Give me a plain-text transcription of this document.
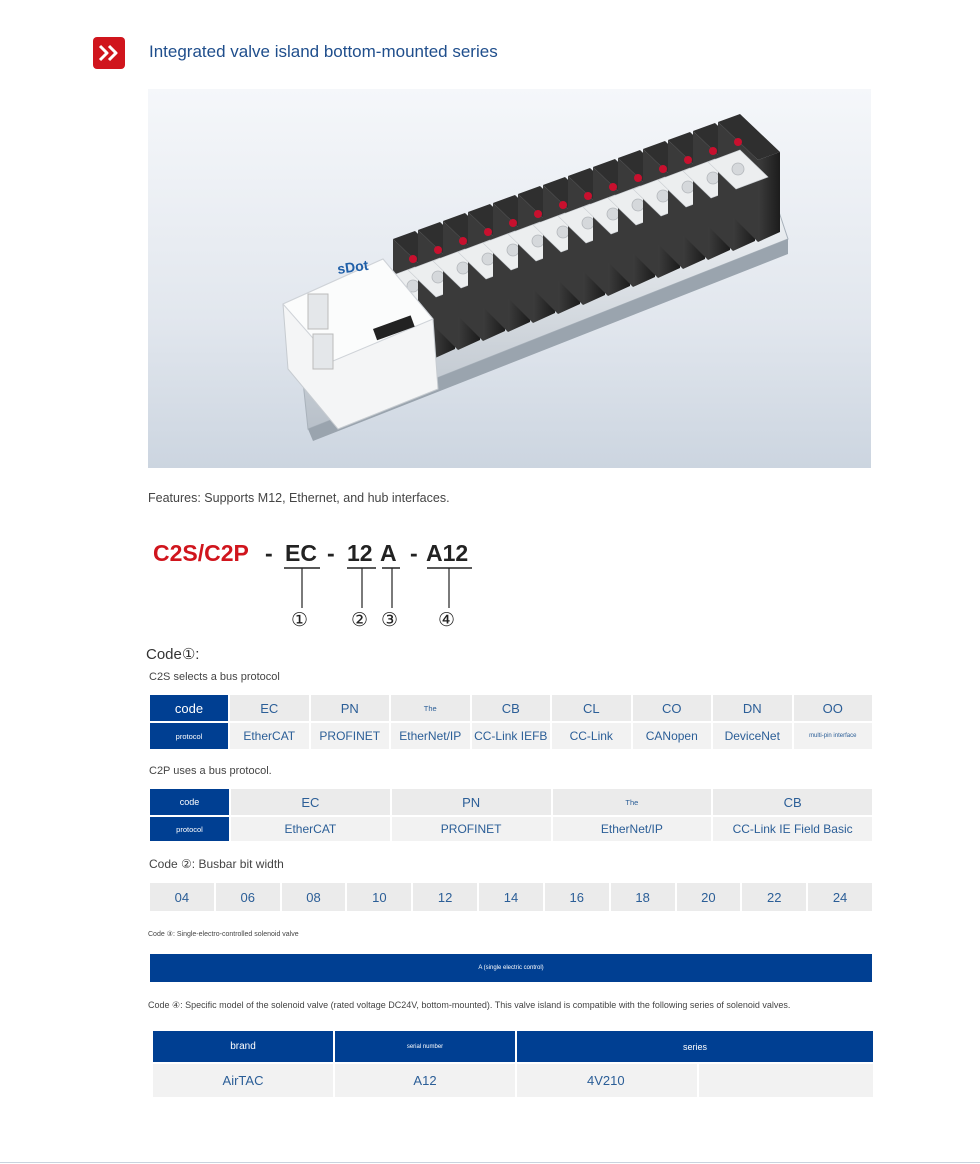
Integrated valve island bottom-mounted series
sDot
Features: Supports M12, Ethernet, and hub interfaces.
C2S/C2P - EC - 12 A - A12
① ② ③ ④
Code①:
C2S selects a bus protocol
code	EC	PN	The	CB	CL	CO	DN	OO
protocol	EtherCAT	PROFINET	EtherNet/IP	CC-Link IEFB	CC-Link	CANopen	DeviceNet	multi-pin interface
C2P uses a bus protocol.
code	EC	PN	The	CB
protocol	EtherCAT	PROFINET	EtherNet/IP	CC-Link IE Field Basic
Code ②: Busbar bit width
04	06	08	10	12	14	16	18	20	22	24
Code ③: Single-electro-controlled solenoid valve
A (single electric control)
Code ④: Specific model of the solenoid valve (rated voltage DC24V, bottom-mounted). This valve island is compatible with the following series of solenoid valves.
brand	serial number	series	
AirTAC	A12	4V210	
